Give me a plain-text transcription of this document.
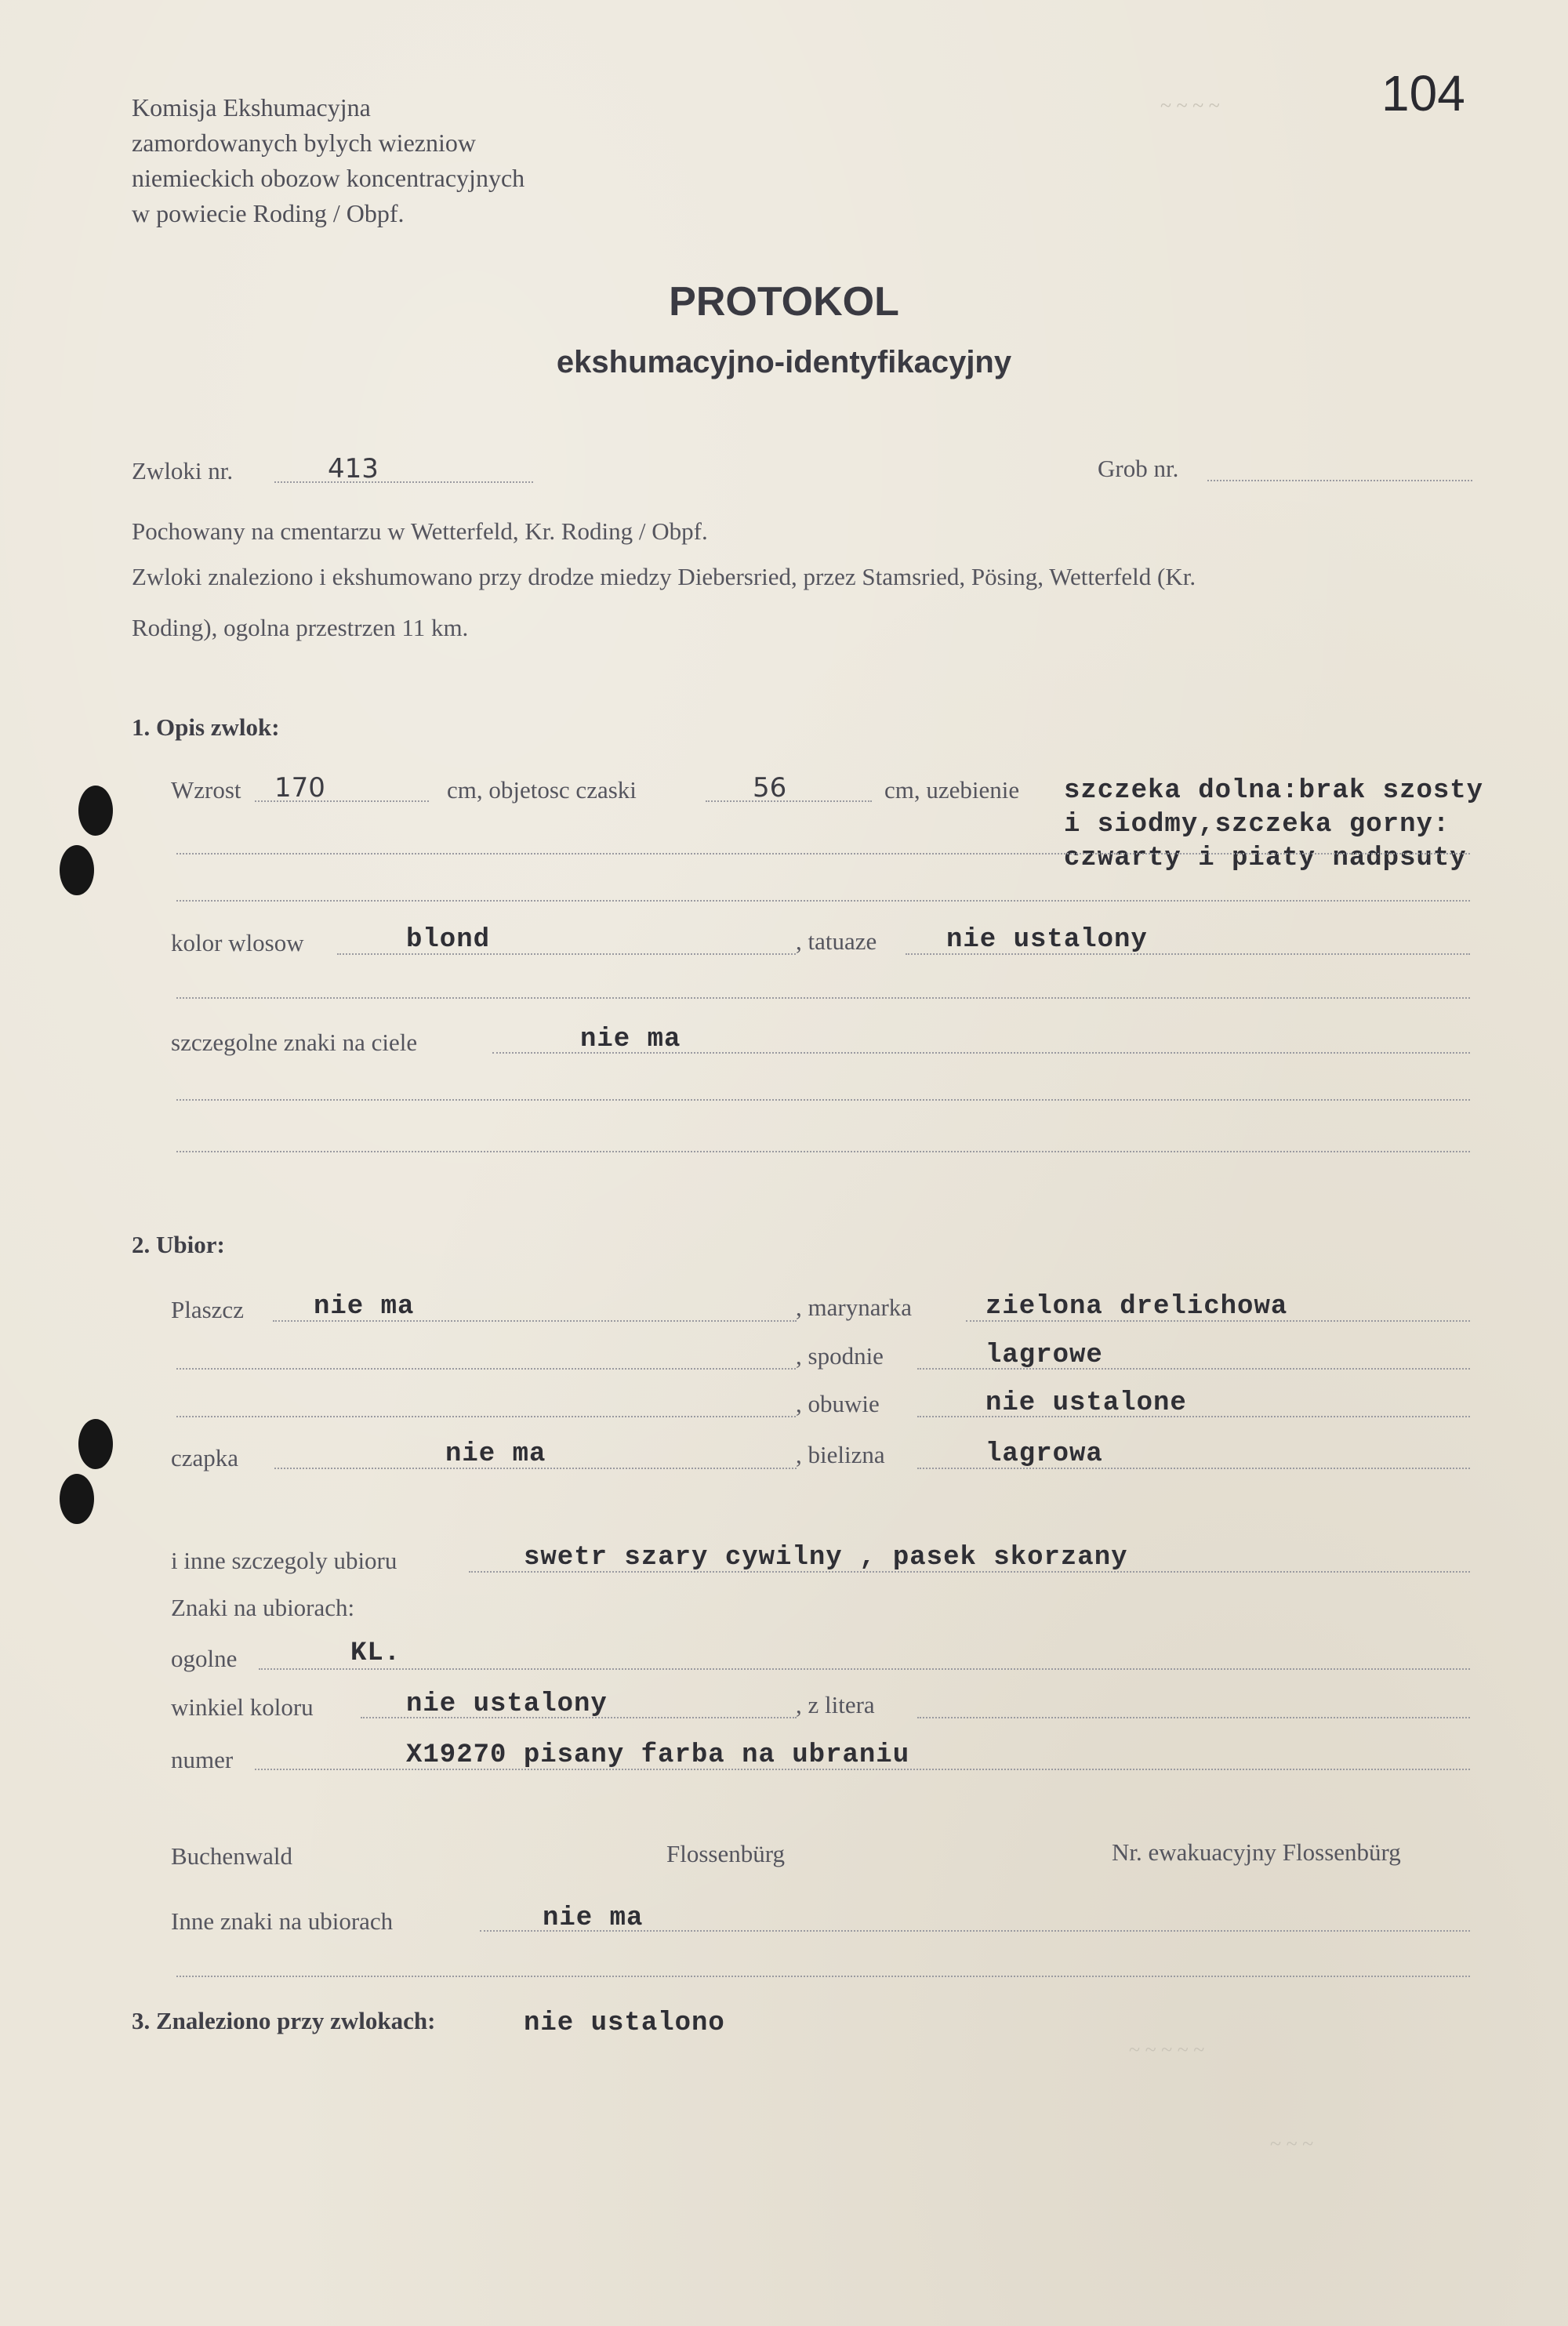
~ ~ ~ ~
~ ~ ~ ~ ~
~ ~ ~
Komisja Ekshumacyjna
zamordowanych bylych wiezniow
niemieckich obozow koncentracyjnych
w powiecie Roding / Obpf.
104
PROTOKOL
ekshumacyjno-identyfikacyjny
Zwloki nr.	413	Grob nr.
Pochowany na cmentarzu w Wetterfeld, Kr. Roding / Obpf.
Zwloki znaleziono i ekshumowano przy drodze miedzy Diebersried, przez Stamsried, Pösing, Wetterfeld (Kr.
Roding), ogolna przestrzen 11 km.
1. Opis zwlok:
Wzrost 170	cm, objetosc czaski	56	cm, uzebienie szczeka dolna:brak szosty
i siodmy,szczeka gorny:
czwarty i piaty nadpsuty
kolor wlosow	blond	, tatuaze	nie ustalony
szczegolne znaki na ciele	nie ma
2. Ubior:
Plaszcz	nie ma	, marynarka	zielona drelichowa
, spodnie	lagrowe
, obuwie	nie ustalone
czapka	nie ma	, bielizna	lagrowa
i inne szczegoly ubioru	swetr szary cywilny , pasek skorzany
Znaki na ubiorach:
ogolne	KL.
winkiel koloru	nie ustalony	, z litera
numer	X19270 pisany farba na ubraniu
Buchenwald	Flossenbürg	Nr. ewakuacyjny Flossenbürg
Inne znaki na ubiorach	nie ma
3. Znaleziono przy zwlokach:	nie ustalono
